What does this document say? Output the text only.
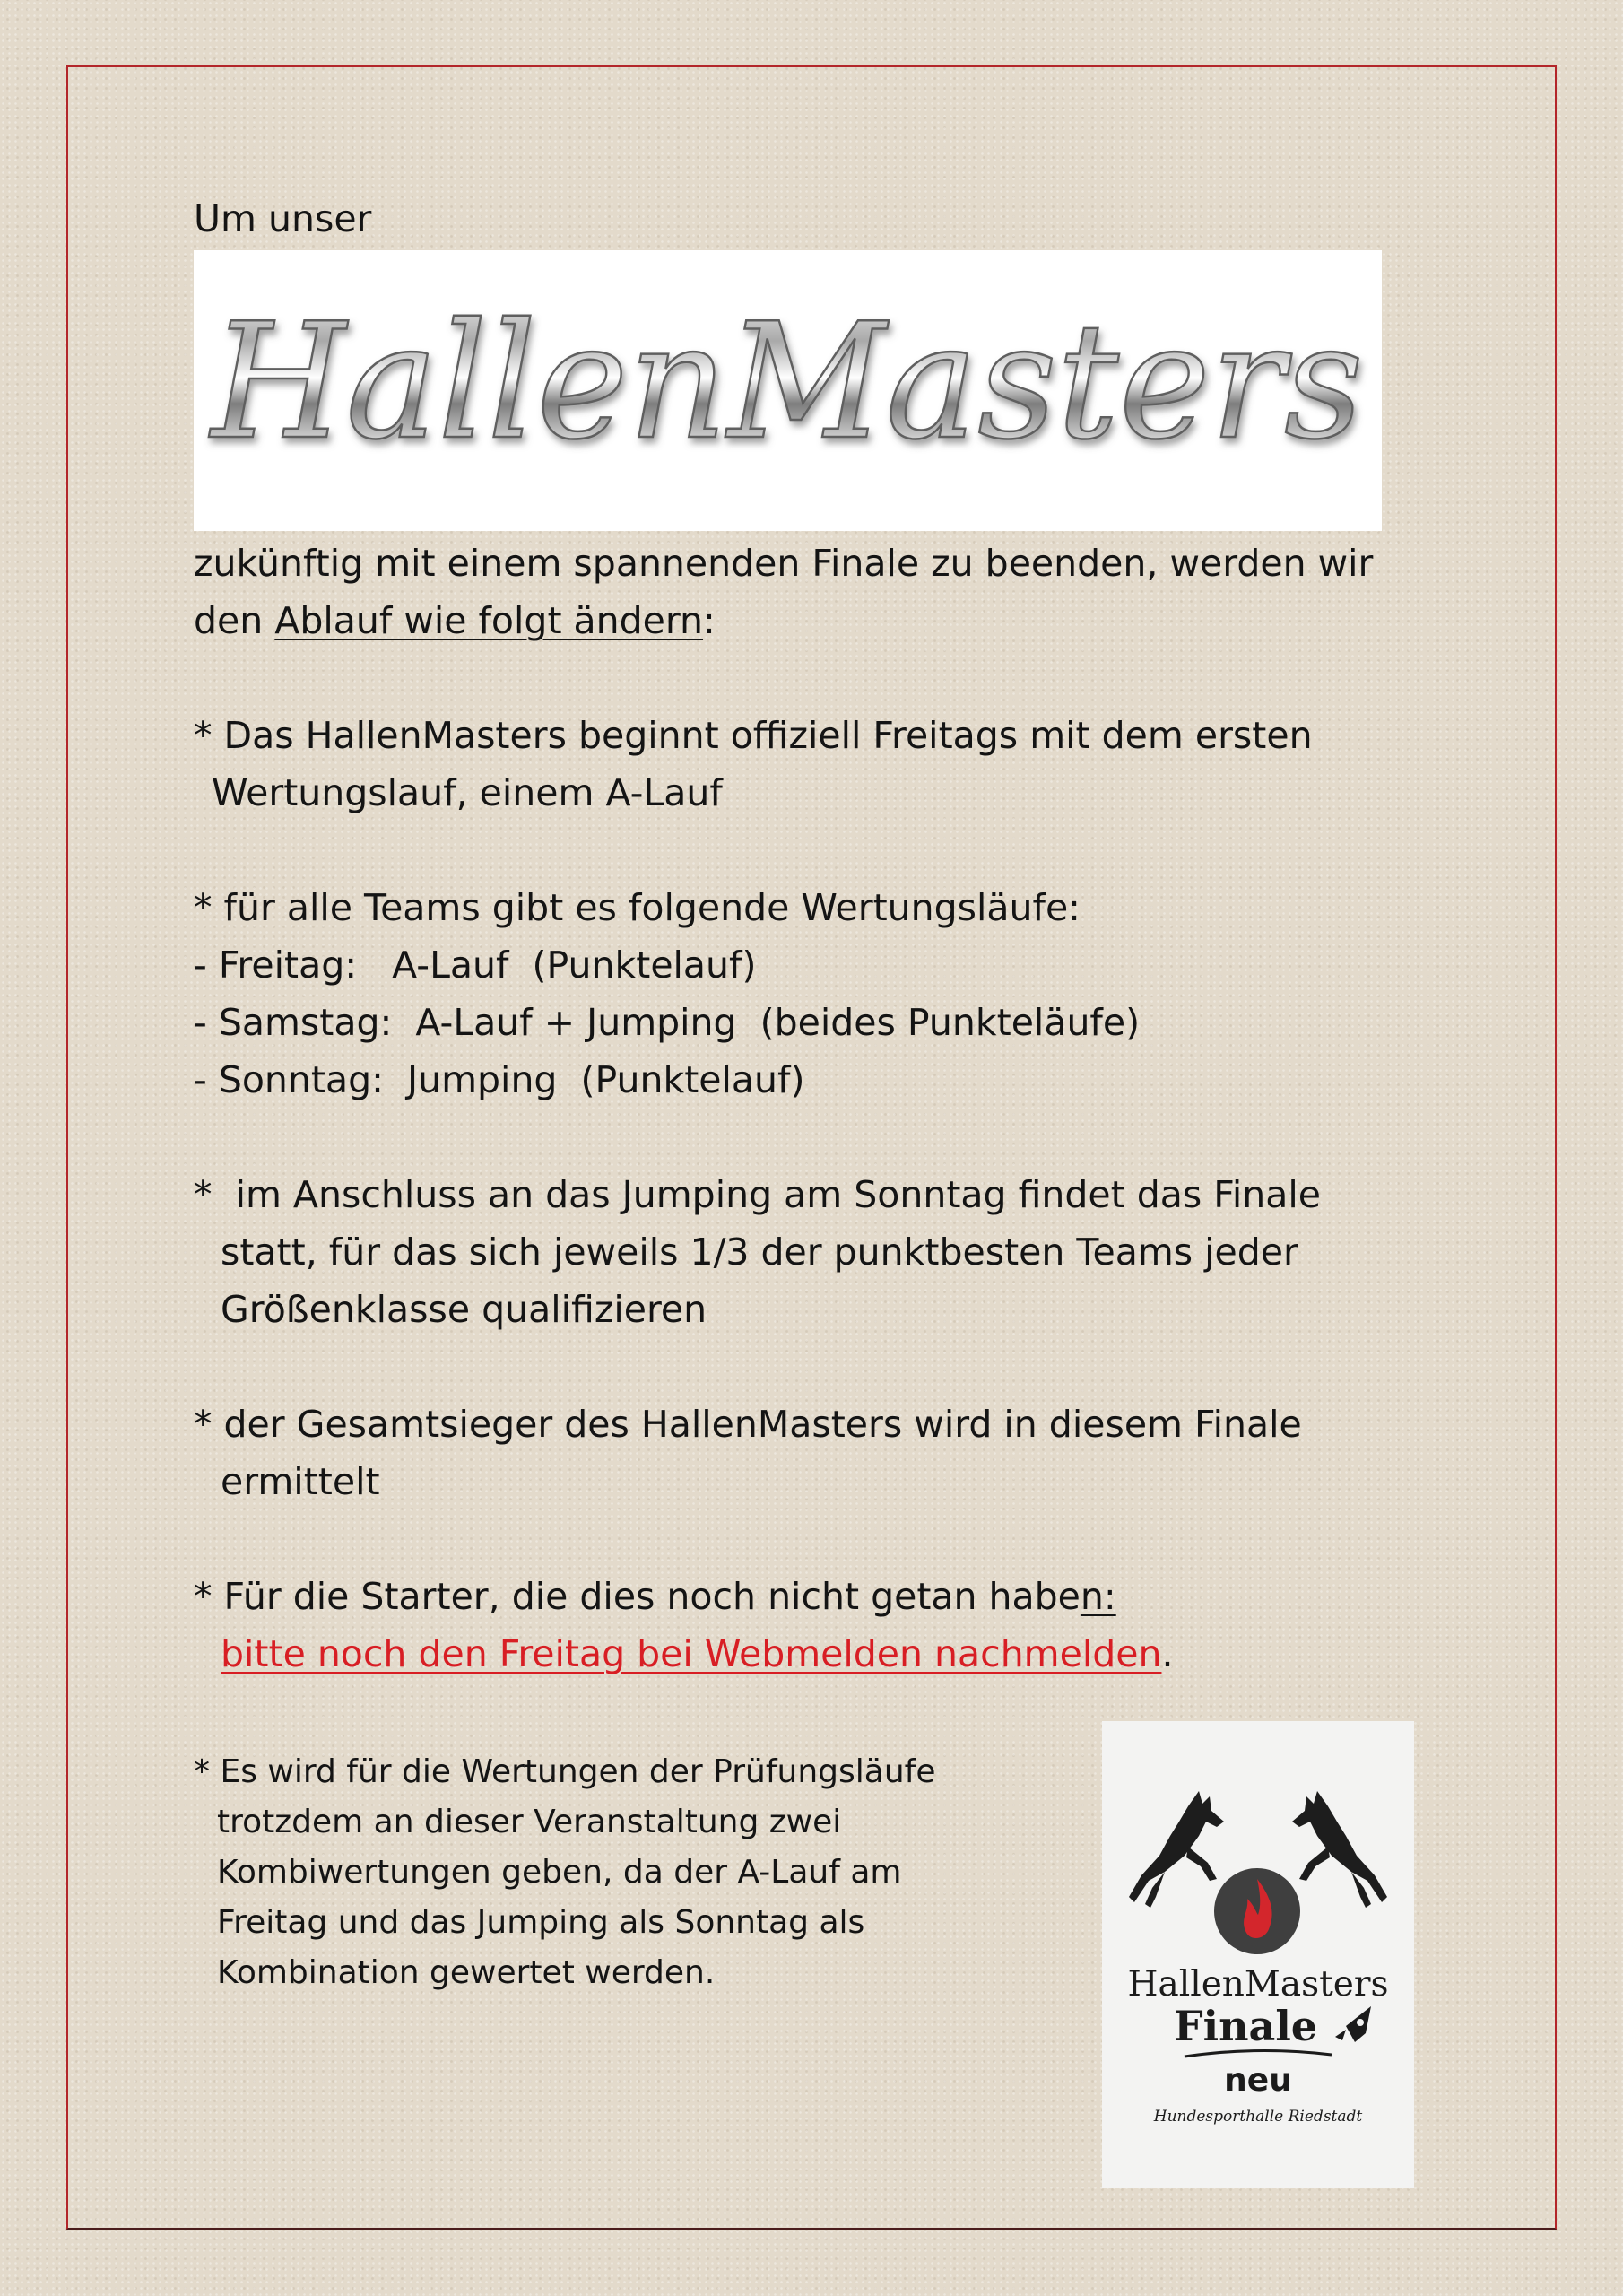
Um unser
HallenMasters
zukünftig mit einem spannenden Finale zu beenden, werden wir
den Ablauf wie folgt ändern:
* Das HallenMasters beginnt offiziell Freitags mit dem ersten
Wertungslauf, einem A-Lauf
* für alle Teams gibt es folgende Wertungsläufe:
- Freitag:   A-Lauf  (Punktelauf)
- Samstag:  A-Lauf + Jumping  (beides Punkteläufe)
- Sonntag:  Jumping  (Punktelauf)
*  im Anschluss an das Jumping am Sonntag findet das Finale
statt, für das sich jeweils 1/3 der punktbesten Teams jeder
Größenklasse qualifizieren
* der Gesamtsieger des HallenMasters wird in diesem Finale
ermittelt
* Für die Starter, die dies noch nicht getan haben:
bitte noch den Freitag bei Webmelden nachmelden.
* Es wird für die Wertungen der Prüfungsläufe
trotzdem an dieser Veranstaltung zwei
Kombiwertungen geben, da der A-Lauf am
Freitag und das Jumping als Sonntag als
Kombination gewertet werden.	HallenMasters
Finale
neu
Hundesporthalle Riedstadt
